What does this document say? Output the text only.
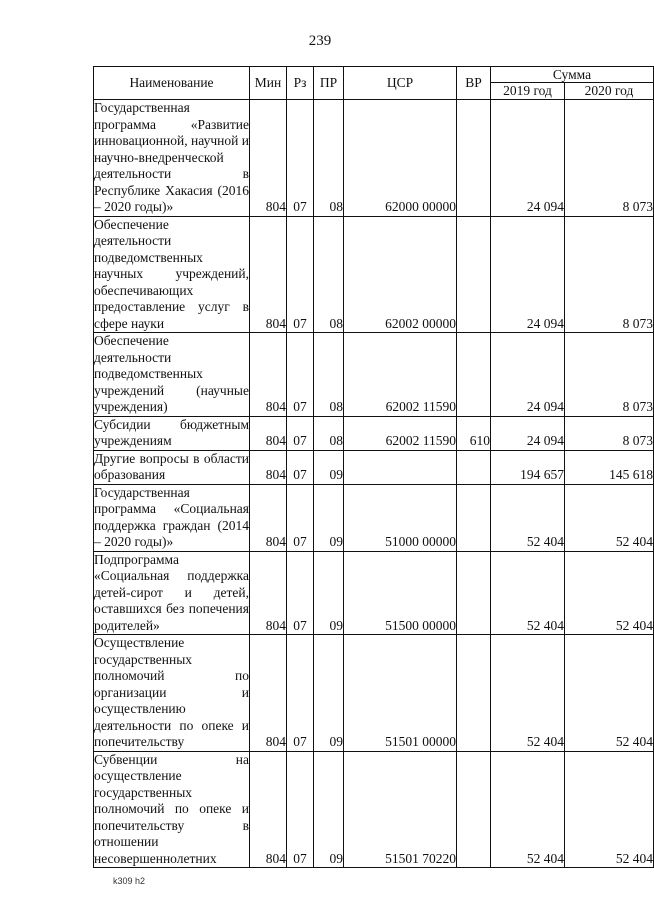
239
Наименование	Мин	Рз	ПР	ЦСР	ВР	Сумма	
						2019 год	2020 год
Государственная программа «Развитие инновационной, научной и научно-внедренческой деятельности в Республике Хакасия (2016 – 2020 годы)»	804	07	08	62000 00000		24 094	8 073
Обеспечение деятельности подведомственных научных учреждений, обеспечивающих предоставление услуг в сфере науки	804	07	08	62002 00000		24 094	8 073
Обеспечение деятельности подведомственных учреждений (научные учреждения)	804	07	08	62002 11590		24 094	8 073
Субсидии бюджетным учреждениям	804	07	08	62002 11590	610	24 094	8 073
Другие вопросы в области образования	804	07	09			194 657	145 618
Государственная программа «Социальная поддержка граждан (2014 – 2020 годы)»	804	07	09	51000 00000		52 404	52 404
Подпрограмма «Социальная поддержка детей-сирот и детей, оставшихся без попечения родителей»	804	07	09	51500 00000		52 404	52 404
Осуществление государственных полномочий по организации и осуществлению деятельности по опеке и попечительству	804	07	09	51501 00000		52 404	52 404
Субвенции на осуществление государственных полномочий по опеке и попечительству в отношении несовершеннолетних	804	07	09	51501 70220		52 404	52 404
k309 h2
